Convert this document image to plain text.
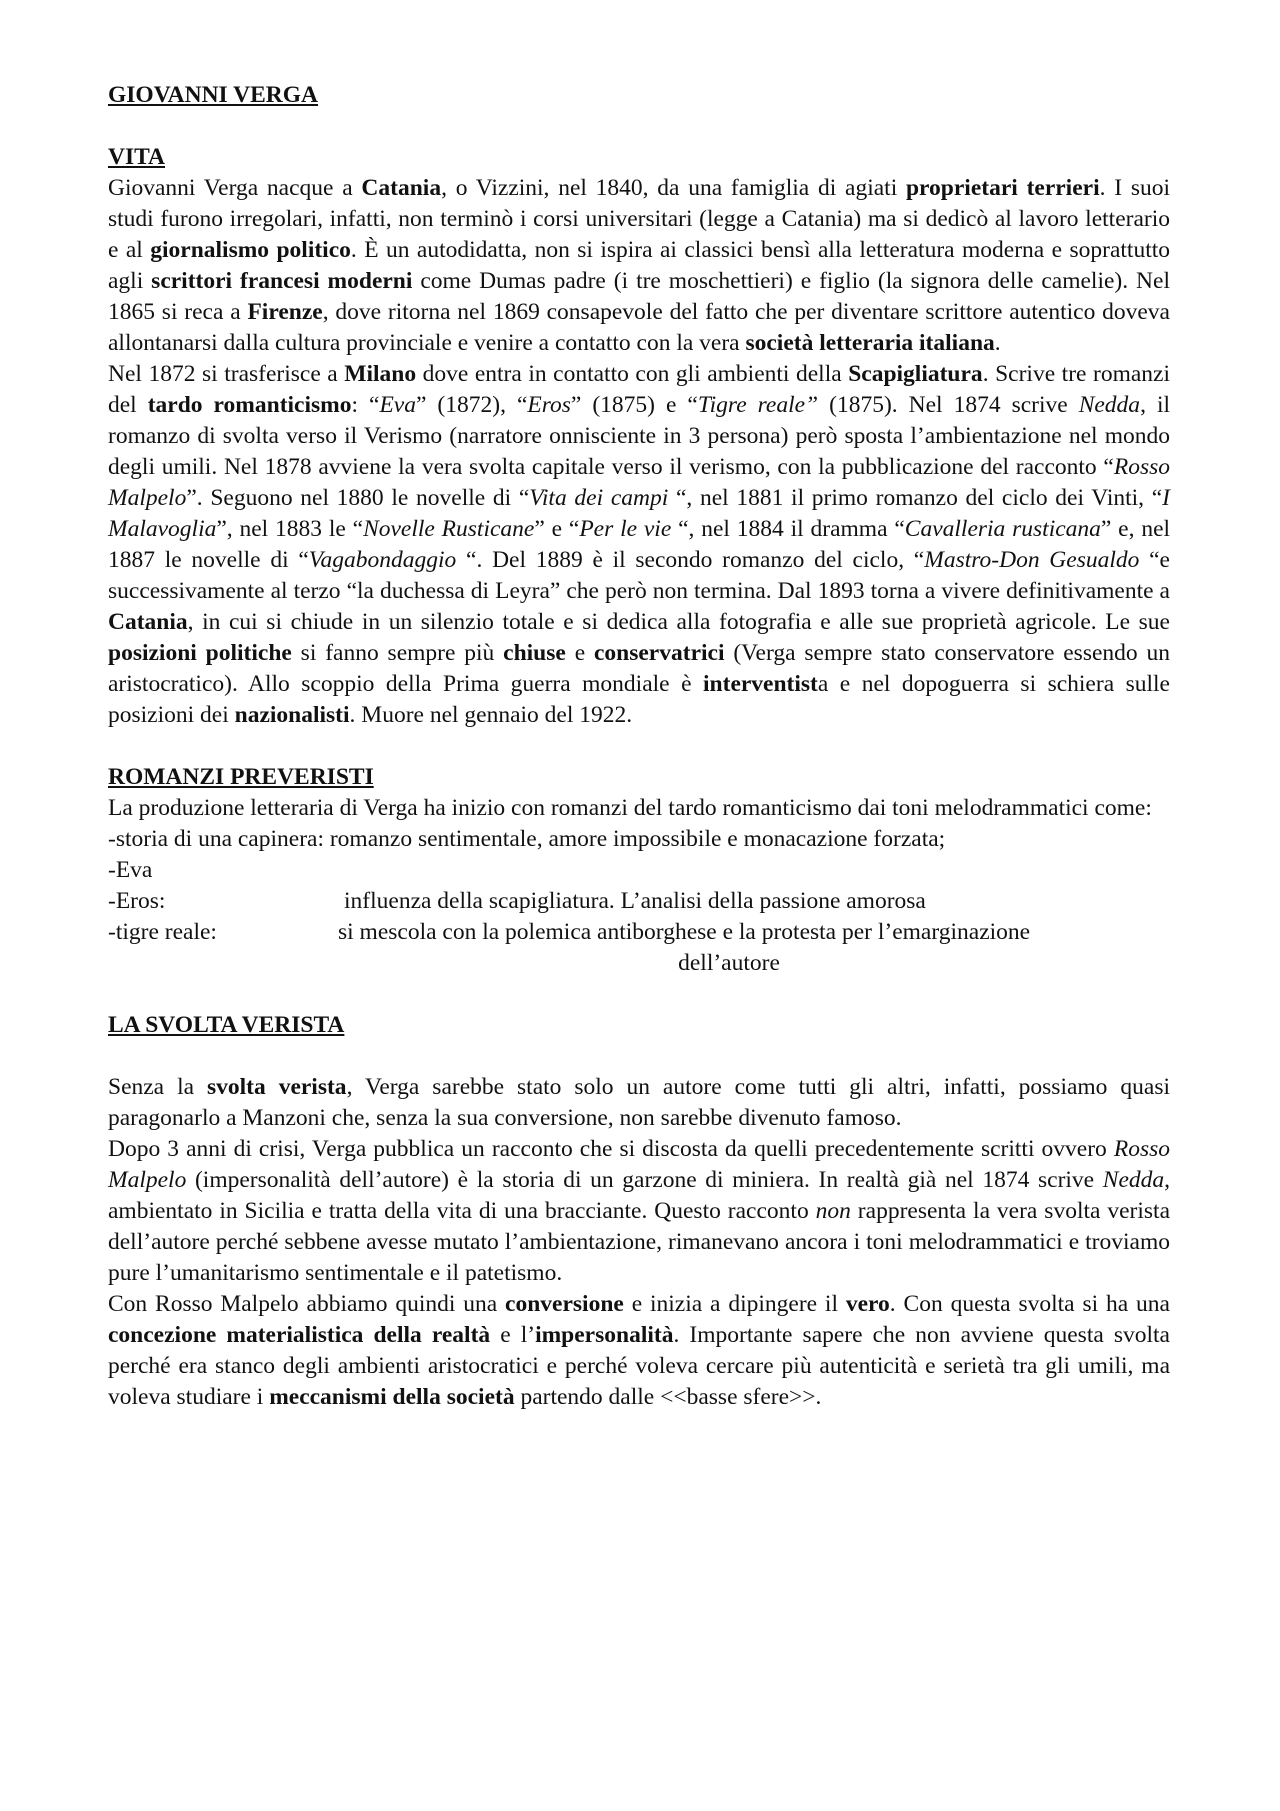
GIOVANNI VERGA
VITA

Giovanni Verga nacque a Catania, o Vizzini, nel 1840, da una famiglia di agiati proprietari terrieri. I suoi studi furono irregolari, infatti, non terminò i corsi universitari (legge a Catania) ma si dedicò al lavoro letterario e al giornalismo politico. È un autodidatta, non si ispira ai classici bensì alla letteratura moderna e soprattutto agli scrittori francesi moderni come Dumas padre (i tre moschettieri) e figlio (la signora delle camelie). Nel 1865 si reca a Firenze, dove ritorna nel 1869 consapevole del fatto che per diventare scrittore autentico doveva allontanarsi dalla cultura provinciale e venire a contatto con la vera società letteraria italiana.

Nel 1872 si trasferisce a Milano dove entra in contatto con gli ambienti della Scapigliatura. Scrive tre romanzi del tardo romanticismo: “Eva” (1872), “Eros” (1875) e “Tigre reale” (1875). Nel 1874 scrive Nedda, il romanzo di svolta verso il Verismo (narratore onnisciente in 3 persona) però sposta l’ambientazione nel mondo degli umili. Nel 1878 avviene la vera svolta capitale verso il verismo, con la pubblicazione del racconto “Rosso Malpelo”. Seguono nel 1880 le novelle di “Vita dei campi “, nel 1881 il primo romanzo del ciclo dei Vinti, “I Malavoglia”, nel 1883 le “Novelle Rusticane” e “Per le vie “, nel 1884 il dramma “Cavalleria rusticana” e, nel 1887 le novelle di “Vagabondaggio “. Del 1889 è il secondo romanzo del ciclo, “Mastro-Don Gesualdo “e successivamente al terzo “la duchessa di Leyra” che però non termina. Dal 1893 torna a vivere definitivamente a Catania, in cui si chiude in un silenzio totale e si dedica alla fotografia e alle sue proprietà agricole. Le sue posizioni politiche si fanno sempre più chiuse e conservatrici (Verga sempre stato conservatore essendo un aristocratico). Allo scoppio della Prima guerra mondiale è interventista e nel dopoguerra si schiera sulle posizioni dei nazionalisti. Muore nel gennaio del 1922.

ROMANZI PREVERISTI

La produzione letteraria di Verga ha inizio con romanzi del tardo romanticismo dai toni melodrammatici come:

-storia di una capinera: romanzo sentimentale, amore impossibile e monacazione forzata;

-Eva

-Eros:	influenza della scapigliatura. L’analisi della passione amorosa
-tigre reale:	si mescola con la polemica antiborghese e la protesta per l’emarginazione

dell’autore

LA SVOLTA VERISTA

Senza la svolta verista, Verga sarebbe stato solo un autore come tutti gli altri, infatti, possiamo quasi paragonarlo a Manzoni che, senza la sua conversione, non sarebbe divenuto famoso.

Dopo 3 anni di crisi, Verga pubblica un racconto che si discosta da quelli precedentemente scritti ovvero Rosso Malpelo (impersonalità dell’autore) è la storia di un garzone di miniera. In realtà già nel 1874 scrive Nedda, ambientato in Sicilia e tratta della vita di una bracciante. Questo racconto non rappresenta la vera svolta verista dell’autore perché sebbene avesse mutato l’ambientazione, rimanevano ancora i toni melodrammatici e troviamo pure l’umanitarismo sentimentale e il patetismo.

Con Rosso Malpelo abbiamo quindi una conversione e inizia a dipingere il vero. Con questa svolta si ha una concezione materialistica della realtà e l’impersonalità. Importante sapere che non avviene questa svolta perché era stanco degli ambienti aristocratici e perché voleva cercare più autenticità e serietà tra gli umili, ma voleva studiare i meccanismi della società partendo dalle <<basse sfere>>.
